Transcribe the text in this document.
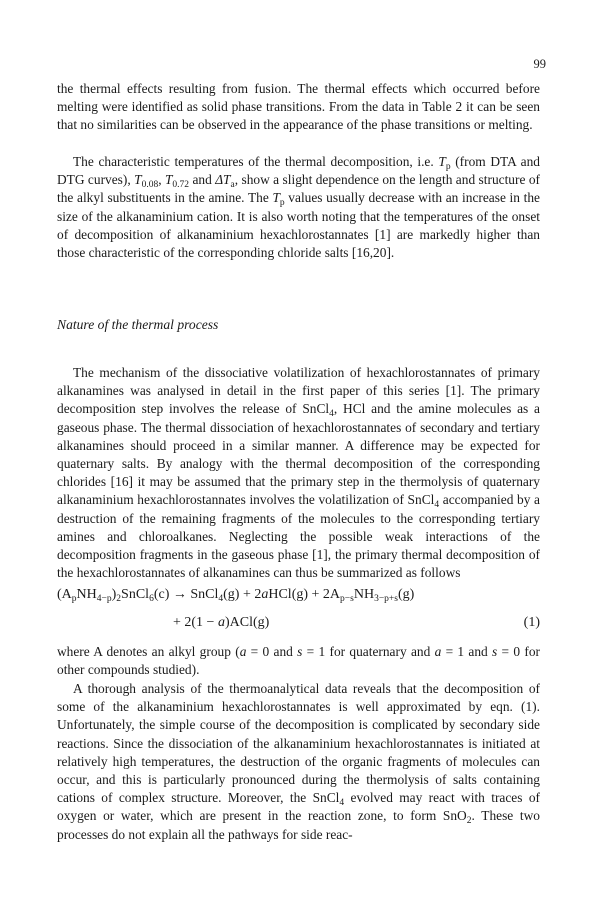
99

the thermal effects resulting from fusion. The thermal effects which occurred before melting were identified as solid phase transitions. From the data in Table 2 it can be seen that no similarities can be observed in the appearance of the phase transitions or melting.

The characteristic temperatures of the thermal decomposition, i.e. $T_p$ (from DTA and DTG curves), $T_{0.08}$, $T_{0.72}$ and $\Delta T_a$, show a slight dependence on the length and structure of the alkyl substituents in the amine. The $T_p$ values usually decrease with an increase in the size of the alkanaminium cation. It is also worth noting that the temperatures of the onset of decomposition of alkanaminium hexachlorostannates [1] are markedly higher than those characteristic of the corresponding chloride salts [16,20].

Nature of the thermal process

The mechanism of the dissociative volatilization of hexachlorostannates of primary alkanamines was analysed in detail in the first paper of this series [1]. The primary decomposition step involves the release of SnCl$_4$, HCl and the amine molecules as a gaseous phase. The thermal dissociation of hexachlorostannates of secondary and tertiary alkanamines should proceed in a similar manner. A difference may be expected for quaternary salts. By analogy with the thermal decomposition of the corresponding chlorides [16] it may be assumed that the primary step in the thermolysis of quaternary alkanaminium hexachlorostannates involves the volatilization of SnCl$_4$ accompanied by a destruction of the remaining fragments of the molecules to the corresponding tertiary amines and chloroalkanes. Neglecting the possible weak interactions of the decomposition fragments in the gaseous phase [1], the primary thermal decomposition of the hexachlorostannates of alkanamines can thus be summarized as follows

$(A_pNH_{4-p})_2SnCl_6(c)$ → SnCl$_4$(g) + 2aHCl(g) + $2A_{p-s}NH_{3-p+s}(g)$
+ 2(1 − a)ACl(g)	(1)

where A denotes an alkyl group (a = 0 and s = 1 for quaternary and a = 1 and s = 0 for other compounds studied).

A thorough analysis of the thermoanalytical data reveals that the decomposition of some of the alkanaminium hexachlorostannates is well approximated by eqn. (1). Unfortunately, the simple course of the decomposition is complicated by secondary side reactions. Since the dissociation of the alkanaminium hexachlorostannates is initiated at relatively high temperatures, the destruction of the organic fragments of molecules can occur, and this is particularly pronounced during the thermolysis of salts containing cations of complex structure. Moreover, the SnCl$_4$ evolved may react with traces of oxygen or water, which are present in the reaction zone, to form SnO$_2$. These two processes do not explain all the pathways for side reac-
